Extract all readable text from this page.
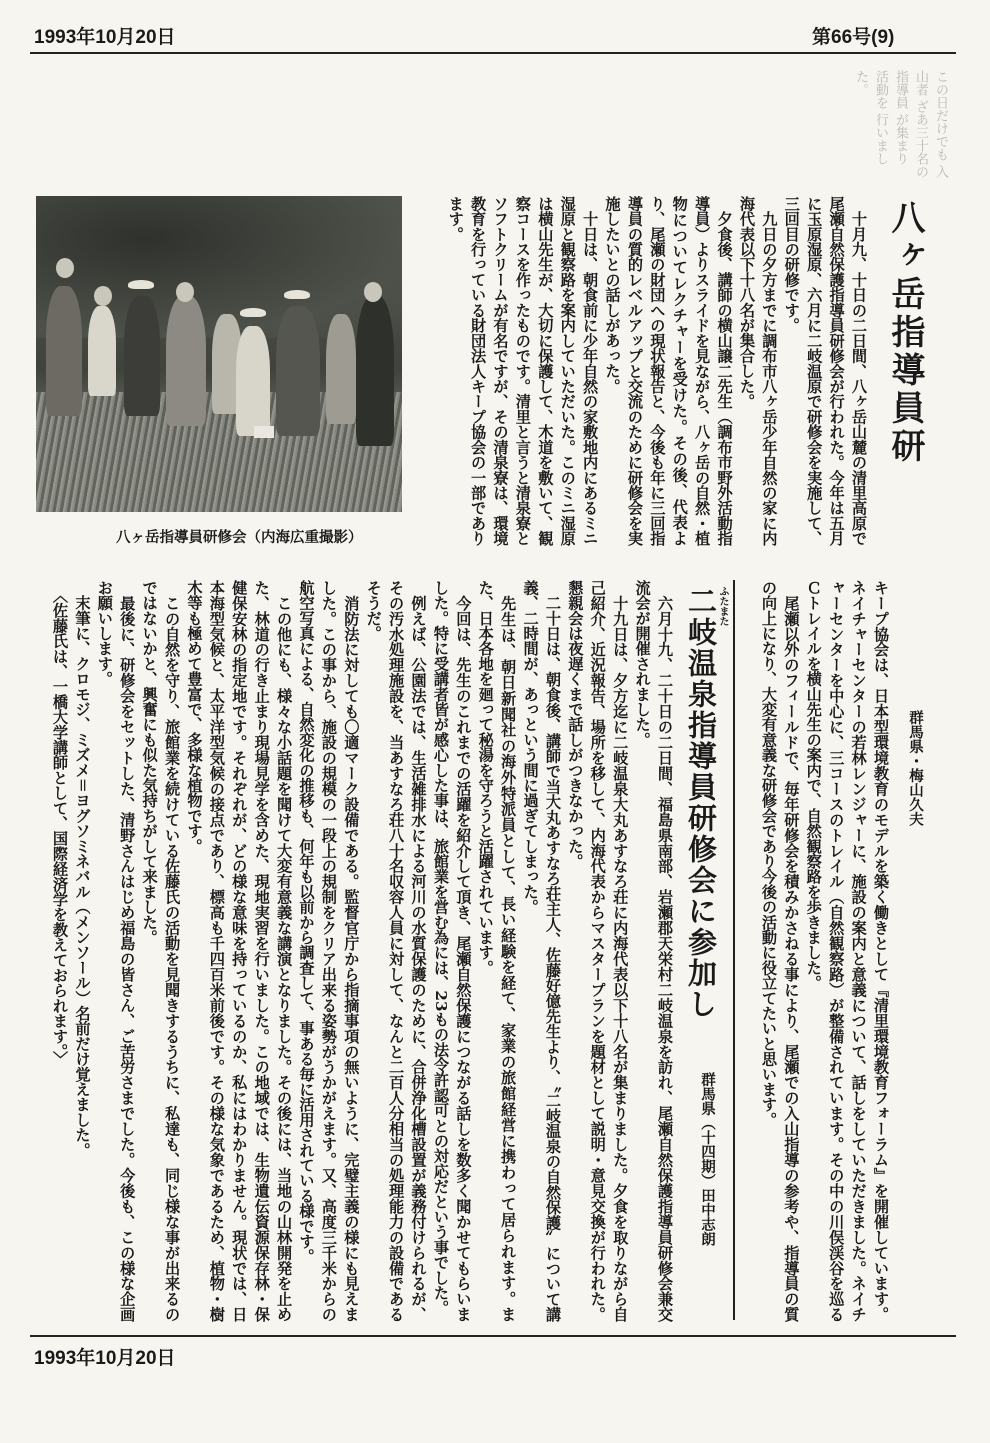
1993年10月20日	第66号(9)
この日だけでも 入山者 ざあ三十名の 指導員 が集まり 活動を 行いまし た。
八ヶ岳指導員研
　十月九、十日の二日間、八ヶ岳山麓の清里高原で尾瀬自然保護指導員研修会が行われた。今年は五月に玉原湿原、六月に二岐温原で研修会を実施して、三回目の研修です。
　九日の夕方までに調布市八ヶ岳少年自然の家に内海代表以下十八名が集合した。
　夕食後、講師の横山譲二先生（調布市野外活動指導員）よりスライドを見ながら、八ヶ岳の自然・植物についてレクチャーを受けた。その後、代表より、尾瀬の財団への現状報告と、今後も年に三回指導員の質的レベルアップと交流のために研修会を実施したいとの話しがあった。
　十日は、朝食前に少年自然の家敷地内にあるミニ湿原と観察路を案内していただいた。このミニ湿原は横山先生が、大切に保護して、木道を敷いて、観察コースを作ったものです。清里と言うと清泉寮とソフトクリームが有名ですが、その清泉寮は、環境教育を行っている財団法人キープ協会の一部であります。
八ヶ岳指導員研修会（内海広重撮影）
群馬県・梅山久夫
キープ協会は、日本型環境教育のモデルを築く働きとして『清里環境教育フォーラム』を開催しています。ネイチャーセンターの若林レンジャーに、施設の案内と意義について、話しをしていただきました。ネイチャーセンターを中心に、三コースのトレイル（自然観察路）が整備されています。その中の川俣渓谷を巡るＣトレイルを横山先生の案内で、自然観察路を歩きました。
　尾瀬以外のフィールドで、毎年研修会を積みかさねる事により、尾瀬での入山指導の参考や、指導員の質の向上になり、大変有意義な研修会であり今後の活動に役立てたいと思います。
ふたまた
二岐温泉指導員研修会に参加し
群馬県（十四期）田中志朗
　六月十九、二十日の二日間、福島県南部、岩瀬郡天栄村二岐温泉を訪れ、尾瀬自然保護指導員研修会兼交流会が開催されました。
　十九日は、夕方迄に二岐温泉大丸あすなろ荘に内海代表以下十八名が集まりました。夕食を取りながら自己紹介、近況報告、場所を移して、内海代表からマスタープランを題材として説明・意見交換が行われた。懇親会は夜遅くまで話しがつきなかった。
　二十日は、朝食後、講師で当大丸あすなろ荘主人、佐藤好億先生より、〝二岐温泉の自然保護〟について講義、二時間が、あっという間に過ぎてしまった。
　先生は、朝日新聞社の海外特派員として、長い経験を経て、家業の旅館経営に携わって居られます。また、日本各地を廻って秘湯を守ろうと活躍されています。
　今回は、先生のこれまでの活躍を紹介して頂き、尾瀬自然保護につながる話しを数多く聞かせてもらいました。特に受講者皆が感心した事は、旅館業を営む為には、23もの法令許認可との対応だという事でした。
　例えば、公園法では、生活雑排水による河川の水質保護のために、合併浄化槽設置が義務付けられるが、その汚水処理施設を、当あすなろ荘八十名収容人員に対して、なんと二百人分相当の処理能力の設備であるそうだ。
　消防法に対しても〇適マーク設備である。監督官庁から指摘事項の無いように、完璧主義の様にも見えました。この事から、施設の規模の一段上の規制をクリア出来る姿勢がうかがえます。又、高度三千米からの航空写真による、自然変化の推移も、何年も以前から調査して、事ある毎に活用されている様です。
　この他にも、様々な小話題を聞けて大変有意義な講演となりました。その後には、当地の山林開発を止めた、林道の行き止まり現場見学を含めた、現地実習を行いました。この地域では、生物遺伝資源保存林・保健保安林の指定地です。それぞれが、どの様な意味を持っているのか、私にはわかりません。現状では、日本海型気候と、太平洋型気候の接点であり、標高も千四百米前後です。その様な気象であるため、植物・樹木等も極めて豊富で、多様な植物です。
　この自然を守り、旅館業を続けている佐藤氏の活動を見聞きするうちに、私達も、同じ様な事が出来るのではないかと、興奮にも似た気持ちがして来ました。
　最後に、研修会をセットした、清野さんはじめ福島の皆さん、ご苦労さまでした。今後も、この様な企画お願いします。
　末筆に、クロモジ、ミズメ＝ヨグソミネバル（メンソール）名前だけ覚えました。
　〈佐藤氏は、一橋大学講師として、国際経済学を教えておられます。〉
1993年10月20日
